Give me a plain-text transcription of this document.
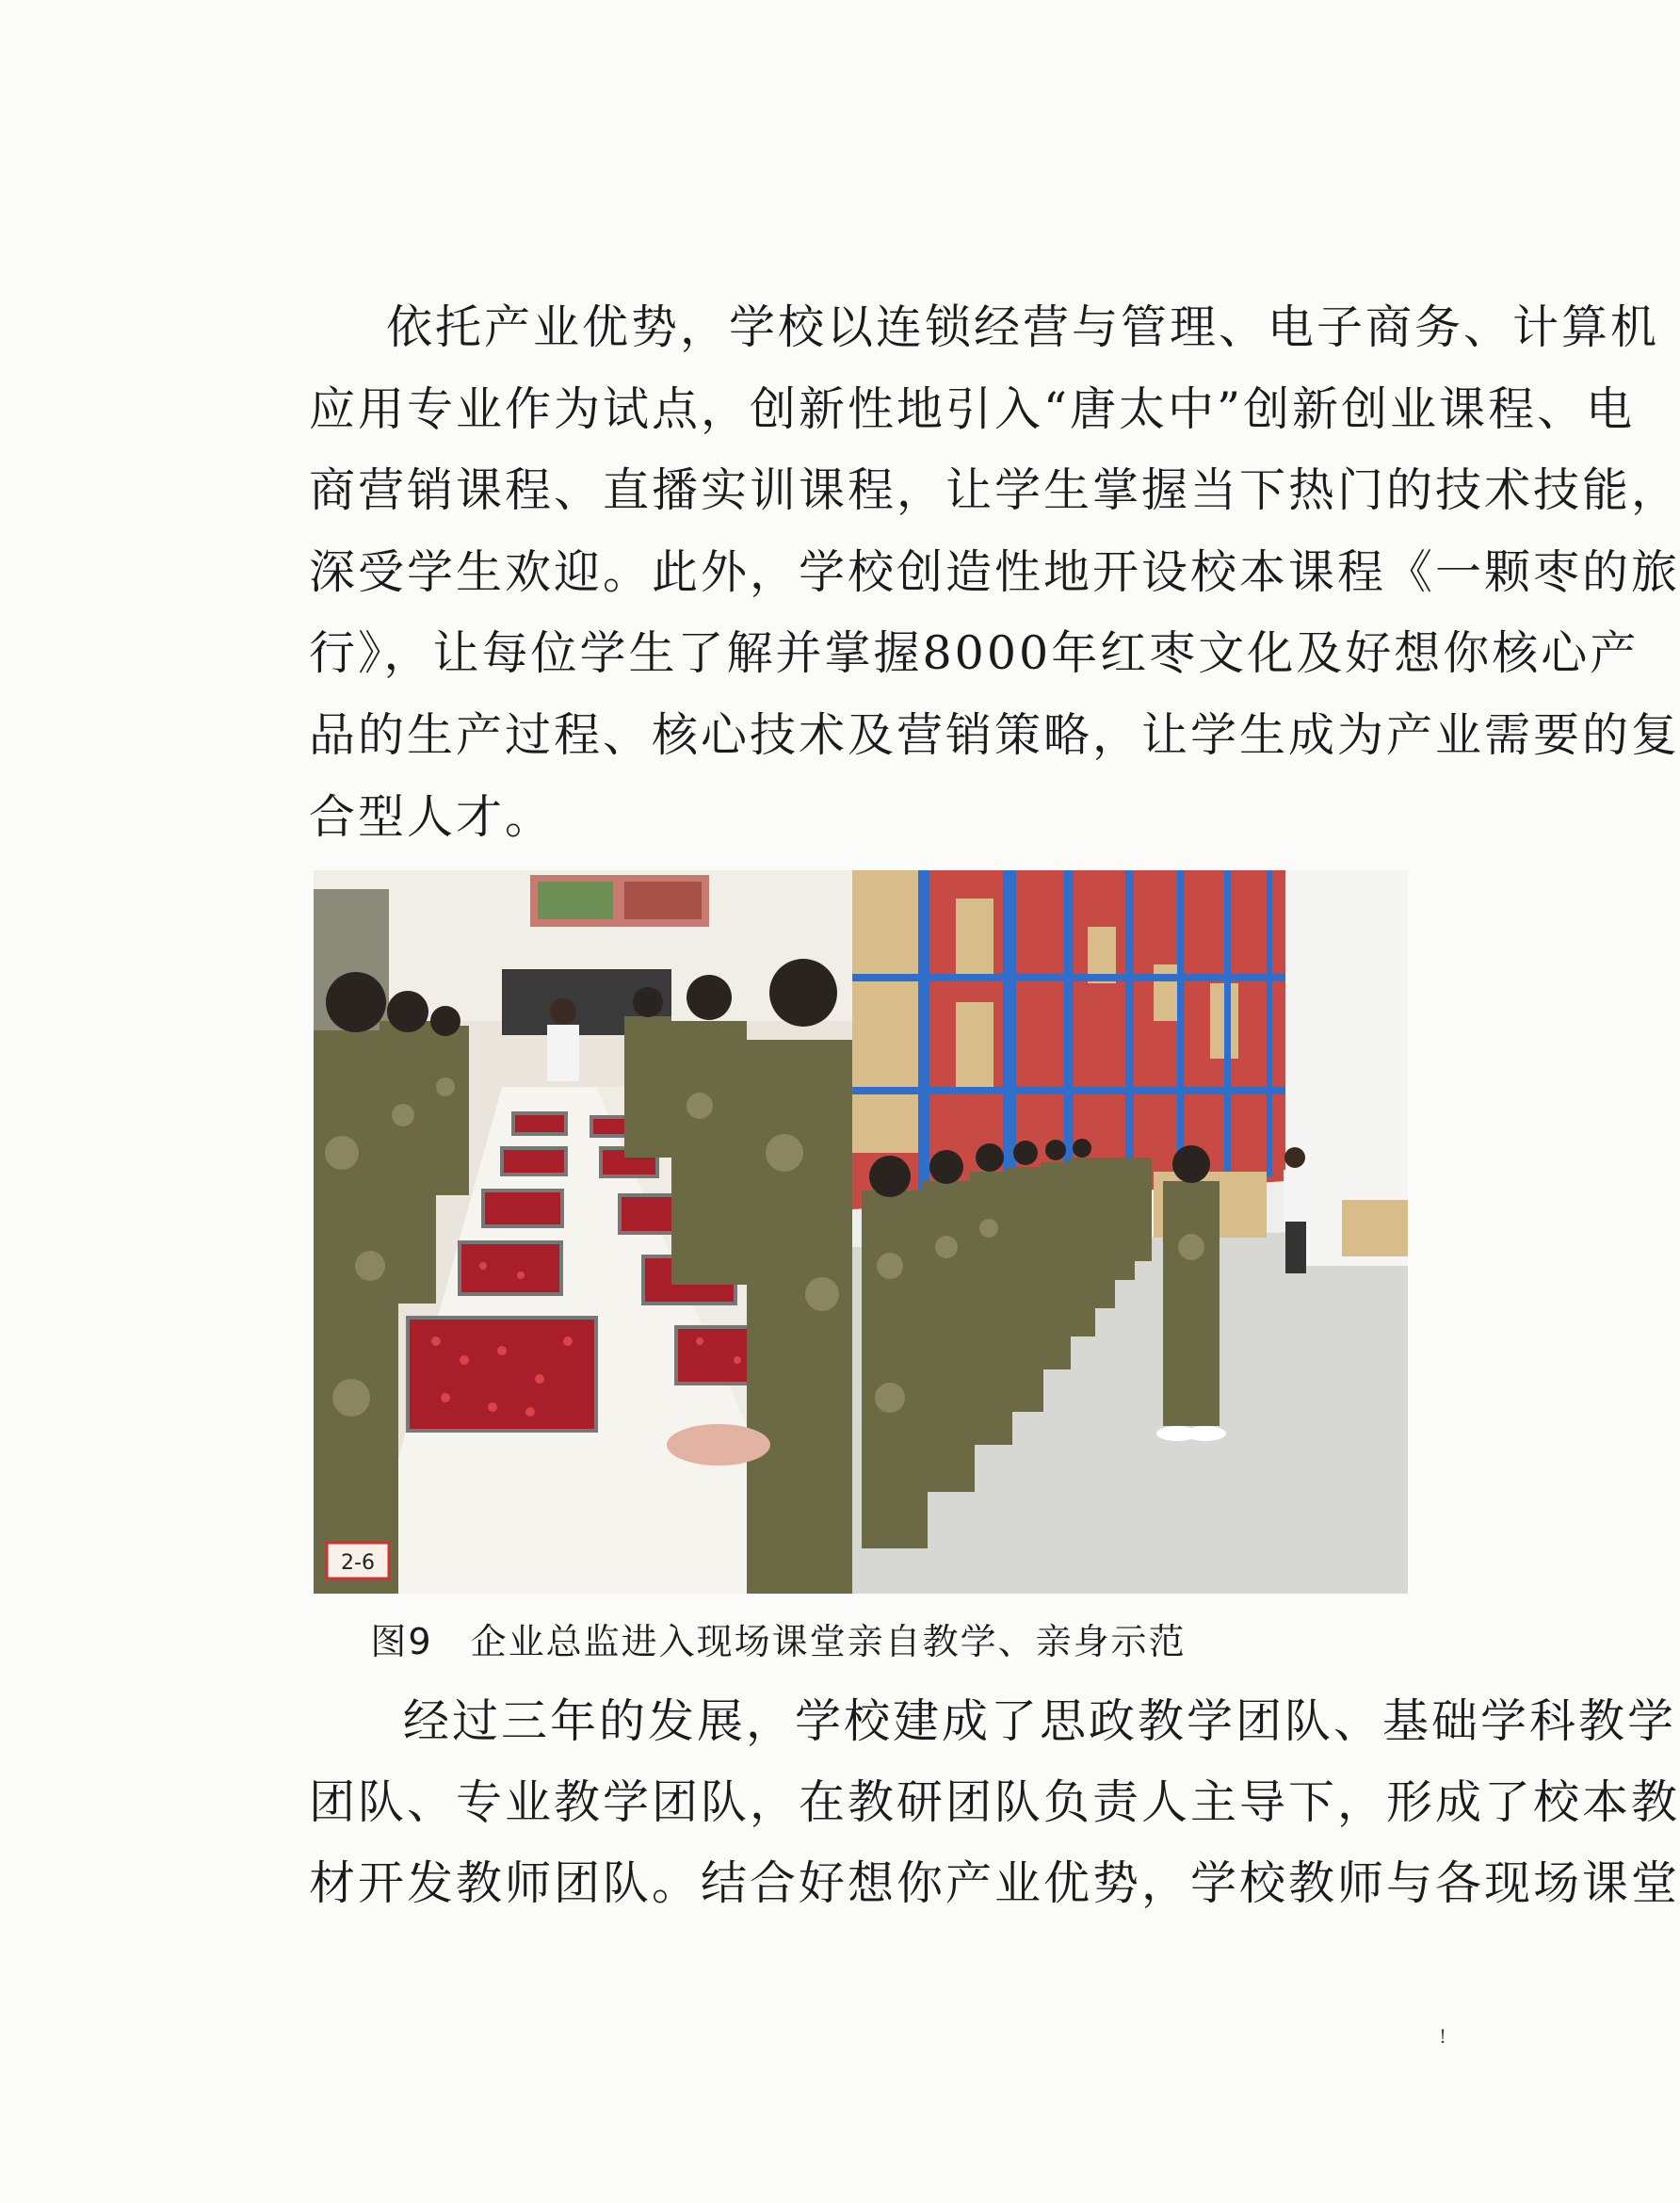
依托产业优势，学校以连锁经营与管理、电子商务、计算机
应用专业作为试点，创新性地引入“唐太中”创新创业课程、电
商营销课程、直播实训课程，让学生掌握当下热门的技术技能，
深受学生欢迎。此外，学校创造性地开设校本课程《一颗枣的旅
行》，让每位学生了解并掌握8000年红枣文化及好想你核心产
品的生产过程、核心技术及营销策略，让学生成为产业需要的复
合型人才。
2-6
图9　企业总监进入现场课堂亲自教学、亲身示范
经过三年的发展，学校建成了思政教学团队、基础学科教学
团队、专业教学团队，在教研团队负责人主导下，形成了校本教
材开发教师团队。结合好想你产业优势，学校教师与各现场课堂
!
